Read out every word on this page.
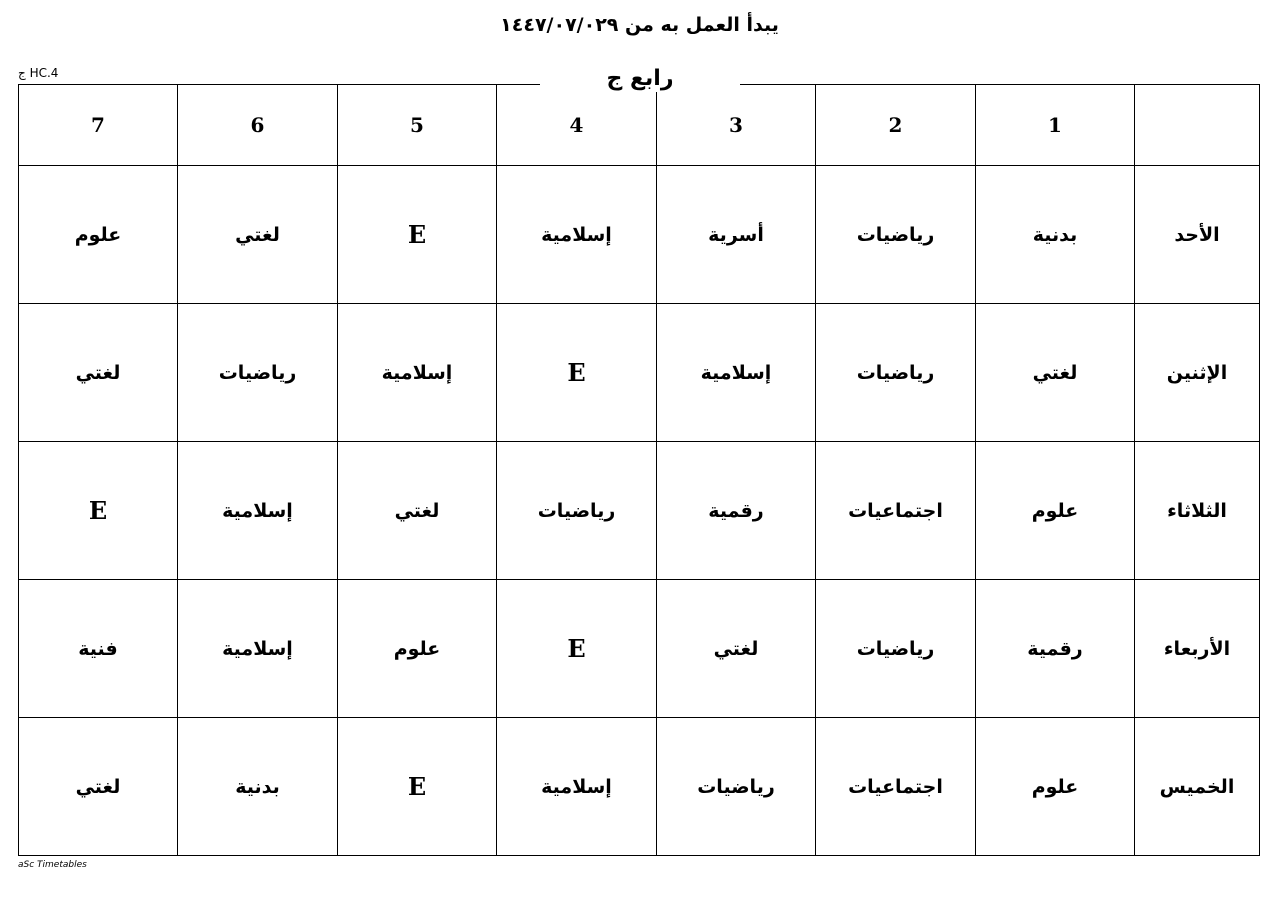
يبدأ العمل به من ١٤٤٧/٠٧/٠٢٩
HC.4 ج
7	6	5	4	3	2	1	
علوم	لغتي	E	إسلامية	أسرية	رياضيات	بدنية	الأحد
لغتي	رياضيات	إسلامية	E	إسلامية	رياضيات	لغتي	الإثنين
E	إسلامية	لغتي	رياضيات	رقمية	اجتماعيات	علوم	الثلاثاء
فنية	إسلامية	علوم	E	لغتي	رياضيات	رقمية	الأربعاء
لغتي	بدنية	E	إسلامية	رياضيات	اجتماعيات	علوم	الخميس
رابع ج
aSc Timetables
